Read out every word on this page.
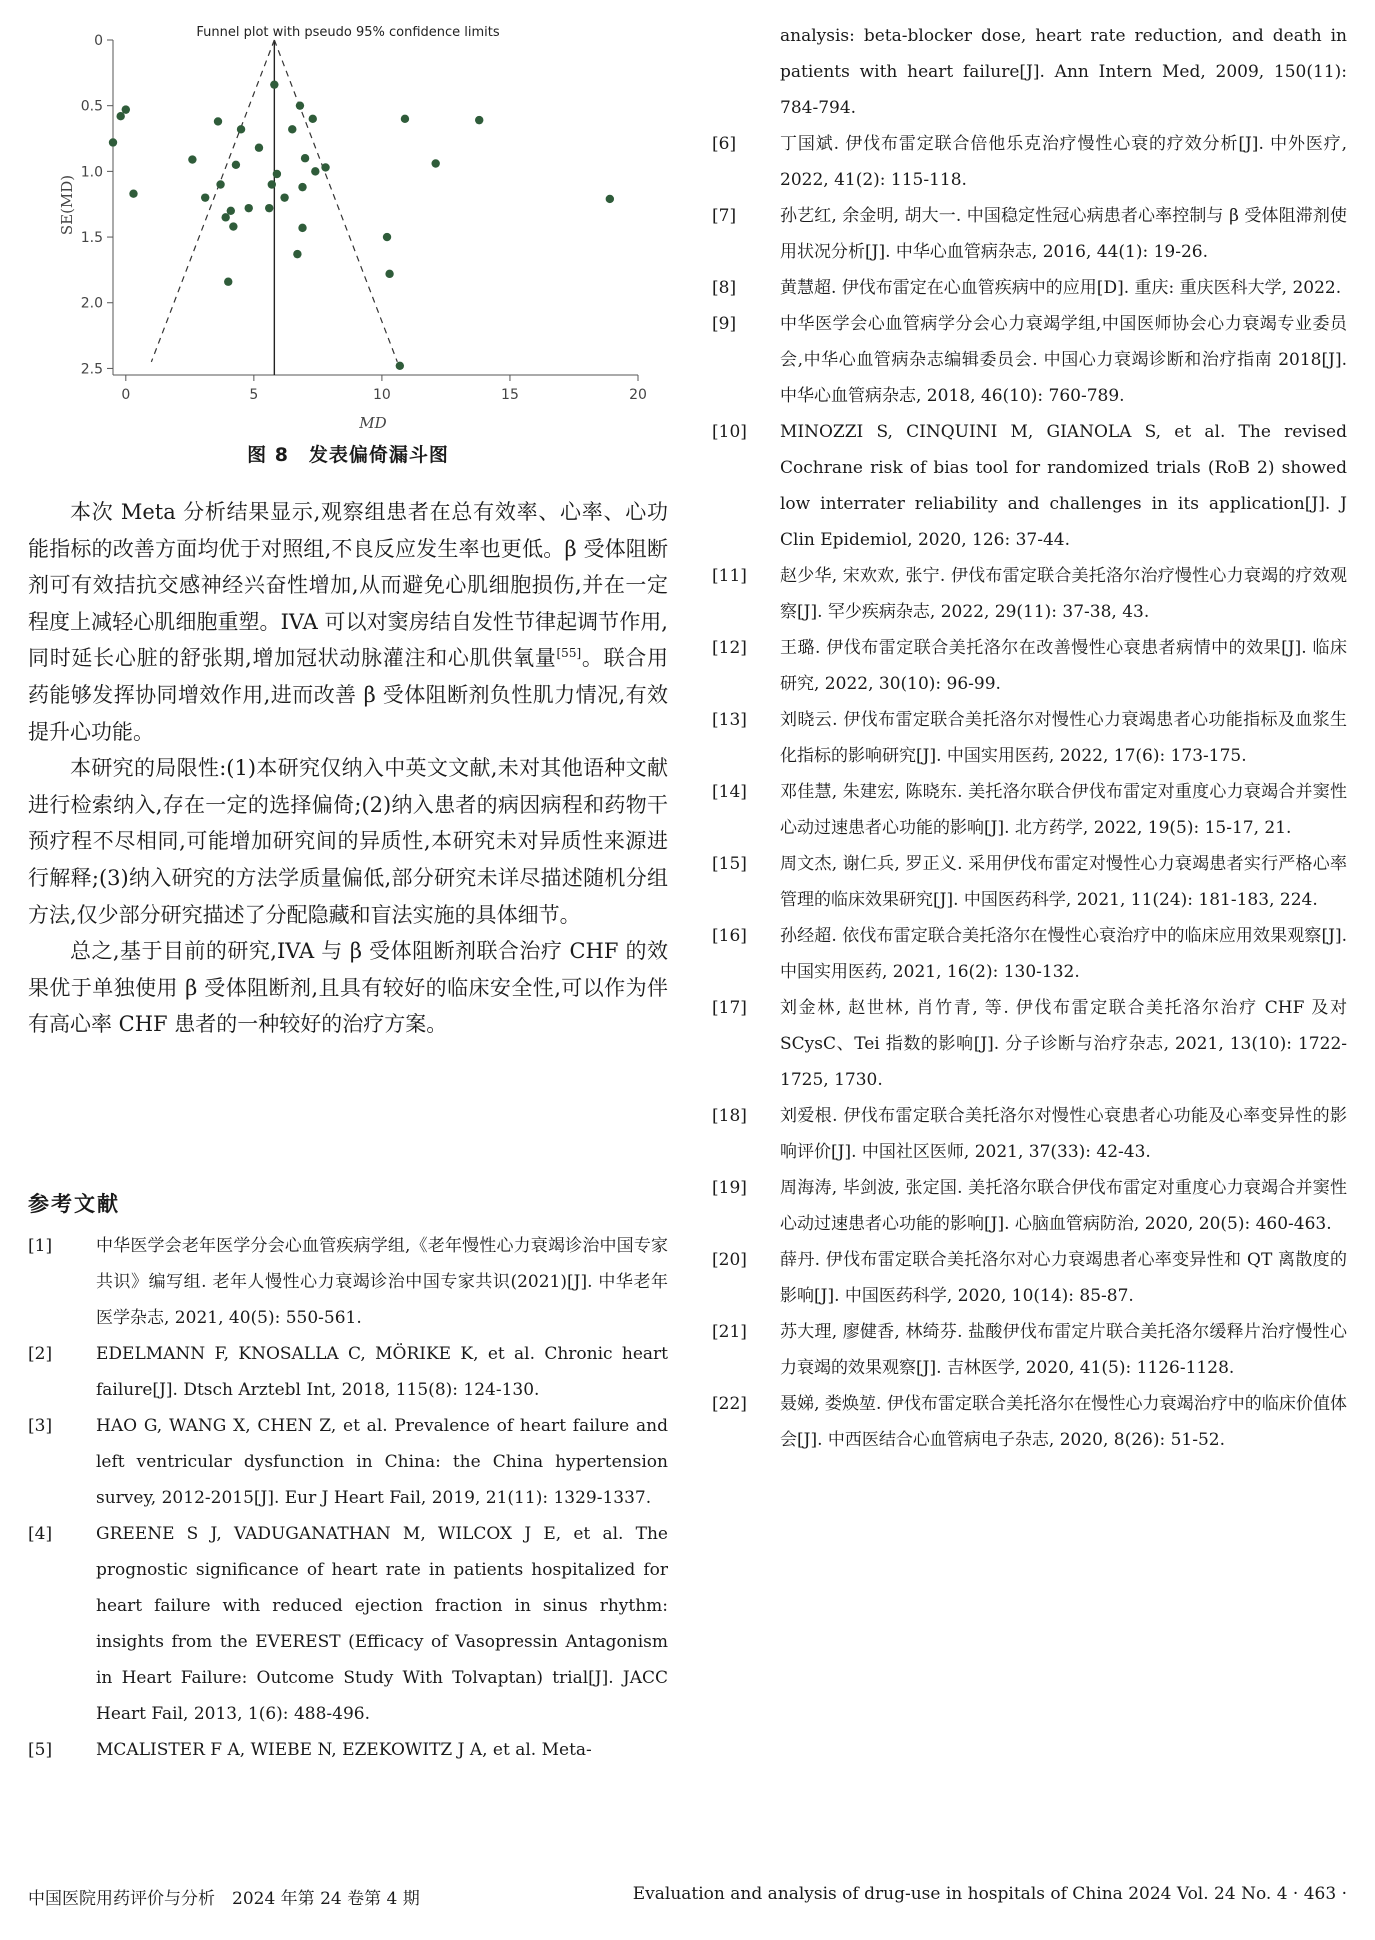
Funnel plot with pseudo 95% confidence limits
0	5	10	15	20
0
0.5
1.0
1.5
2.0
2.5
MD
SE(MD)
图 8　发表偏倚漏斗图

本次 Meta 分析结果显示,观察组患者在总有效率、心率、心功能指标的改善方面均优于对照组,不良反应发生率也更低。β 受体阻断剂可有效拮抗交感神经兴奋性增加,从而避免心肌细胞损伤,并在一定程度上减轻心肌细胞重塑。IVA 可以对窦房结自发性节律起调节作用,同时延长心脏的舒张期,增加冠状动脉灌注和心肌供氧量[55]。联合用药能够发挥协同增效作用,进而改善 β 受体阻断剂负性肌力情况,有效提升心功能。

本研究的局限性:(1)本研究仅纳入中英文文献,未对其他语种文献进行检索纳入,存在一定的选择偏倚;(2)纳入患者的病因病程和药物干预疗程不尽相同,可能增加研究间的异质性,本研究未对异质性来源进行解释;(3)纳入研究的方法学质量偏低,部分研究未详尽描述随机分组方法,仅少部分研究描述了分配隐藏和盲法实施的具体细节。

总之,基于目前的研究,IVA 与 β 受体阻断剂联合治疗 CHF 的效果优于单独使用 β 受体阻断剂,且具有较好的临床安全性,可以作为伴有高心率 CHF 患者的一种较好的治疗方案。

参考文献
[1]	中华医学会老年医学分会心血管疾病学组,《老年慢性心力衰竭诊治中国专家共识》编写组. 老年人慢性心力衰竭诊治中国专家共识(2021)[J]. 中华老年医学杂志, 2021, 40(5): 550-561.
[2]	EDELMANN F, KNOSALLA C, MÖRIKE K, et al. Chronic heart failure[J]. Dtsch Arztebl Int, 2018, 115(8): 124-130.
[3]	HAO G, WANG X, CHEN Z, et al. Prevalence of heart failure and left ventricular dysfunction in China: the China hypertension survey, 2012-2015[J]. Eur J Heart Fail, 2019, 21(11): 1329-1337.
[4]	GREENE S J, VADUGANATHAN M, WILCOX J E, et al. The prognostic significance of heart rate in patients hospitalized for heart failure with reduced ejection fraction in sinus rhythm: insights from the EVEREST (Efficacy of Vasopressin Antagonism in Heart Failure: Outcome Study With Tolvaptan) trial[J]. JACC Heart Fail, 2013, 1(6): 488-496.
[5]	MCALISTER F A, WIEBE N, EZEKOWITZ J A, et al. Meta-
analysis: beta-blocker dose, heart rate reduction, and death in patients with heart failure[J]. Ann Intern Med, 2009, 150(11): 784-794.
[6]	丁国斌. 伊伐布雷定联合倍他乐克治疗慢性心衰的疗效分析[J]. 中外医疗, 2022, 41(2): 115-118.
[7]	孙艺红, 余金明, 胡大一. 中国稳定性冠心病患者心率控制与 β 受体阻滞剂使用状况分析[J]. 中华心血管病杂志, 2016, 44(1): 19-26.
[8]	黄慧超. 伊伐布雷定在心血管疾病中的应用[D]. 重庆: 重庆医科大学, 2022.
[9]	中华医学会心血管病学分会心力衰竭学组,中国医师协会心力衰竭专业委员会,中华心血管病杂志编辑委员会. 中国心力衰竭诊断和治疗指南 2018[J]. 中华心血管病杂志, 2018, 46(10): 760-789.
[10]	MINOZZI S, CINQUINI M, GIANOLA S, et al. The revised Cochrane risk of bias tool for randomized trials (RoB 2) showed low interrater reliability and challenges in its application[J]. J Clin Epidemiol, 2020, 126: 37-44.
[11]	赵少华, 宋欢欢, 张宁. 伊伐布雷定联合美托洛尔治疗慢性心力衰竭的疗效观察[J]. 罕少疾病杂志, 2022, 29(11): 37-38, 43.
[12]	王璐. 伊伐布雷定联合美托洛尔在改善慢性心衰患者病情中的效果[J]. 临床研究, 2022, 30(10): 96-99.
[13]	刘晓云. 伊伐布雷定联合美托洛尔对慢性心力衰竭患者心功能指标及血浆生化指标的影响研究[J]. 中国实用医药, 2022, 17(6): 173-175.
[14]	邓佳慧, 朱建宏, 陈晓东. 美托洛尔联合伊伐布雷定对重度心力衰竭合并窦性心动过速患者心功能的影响[J]. 北方药学, 2022, 19(5): 15-17, 21.
[15]	周文杰, 谢仁兵, 罗正义. 采用伊伐布雷定对慢性心力衰竭患者实行严格心率管理的临床效果研究[J]. 中国医药科学, 2021, 11(24): 181-183, 224.
[16]	孙经超. 依伐布雷定联合美托洛尔在慢性心衰治疗中的临床应用效果观察[J]. 中国实用医药, 2021, 16(2): 130-132.
[17]	刘金林, 赵世林, 肖竹青, 等. 伊伐布雷定联合美托洛尔治疗 CHF 及对 SCysC、Tei 指数的影响[J]. 分子诊断与治疗杂志, 2021, 13(10): 1722-1725, 1730.
[18]	刘爱根. 伊伐布雷定联合美托洛尔对慢性心衰患者心功能及心率变异性的影响评价[J]. 中国社区医师, 2021, 37(33): 42-43.
[19]	周海涛, 毕剑波, 张定国. 美托洛尔联合伊伐布雷定对重度心力衰竭合并窦性心动过速患者心功能的影响[J]. 心脑血管病防治, 2020, 20(5): 460-463.
[20]	薛丹. 伊伐布雷定联合美托洛尔对心力衰竭患者心率变异性和 QT 离散度的影响[J]. 中国医药科学, 2020, 10(14): 85-87.
[21]	苏大理, 廖健香, 林绮芬. 盐酸伊伐布雷定片联合美托洛尔缓释片治疗慢性心力衰竭的效果观察[J]. 吉林医学, 2020, 41(5): 1126-1128.
[22]	聂娣, 娄焕堃. 伊伐布雷定联合美托洛尔在慢性心力衰竭治疗中的临床价值体会[J]. 中西医结合心血管病电子杂志, 2020, 8(26): 51-52.
中国医院用药评价与分析　2024 年第 24 卷第 4 期	Evaluation and analysis of drug-use in hospitals of China 2024 Vol. 24 No. 4 · 463 ·
